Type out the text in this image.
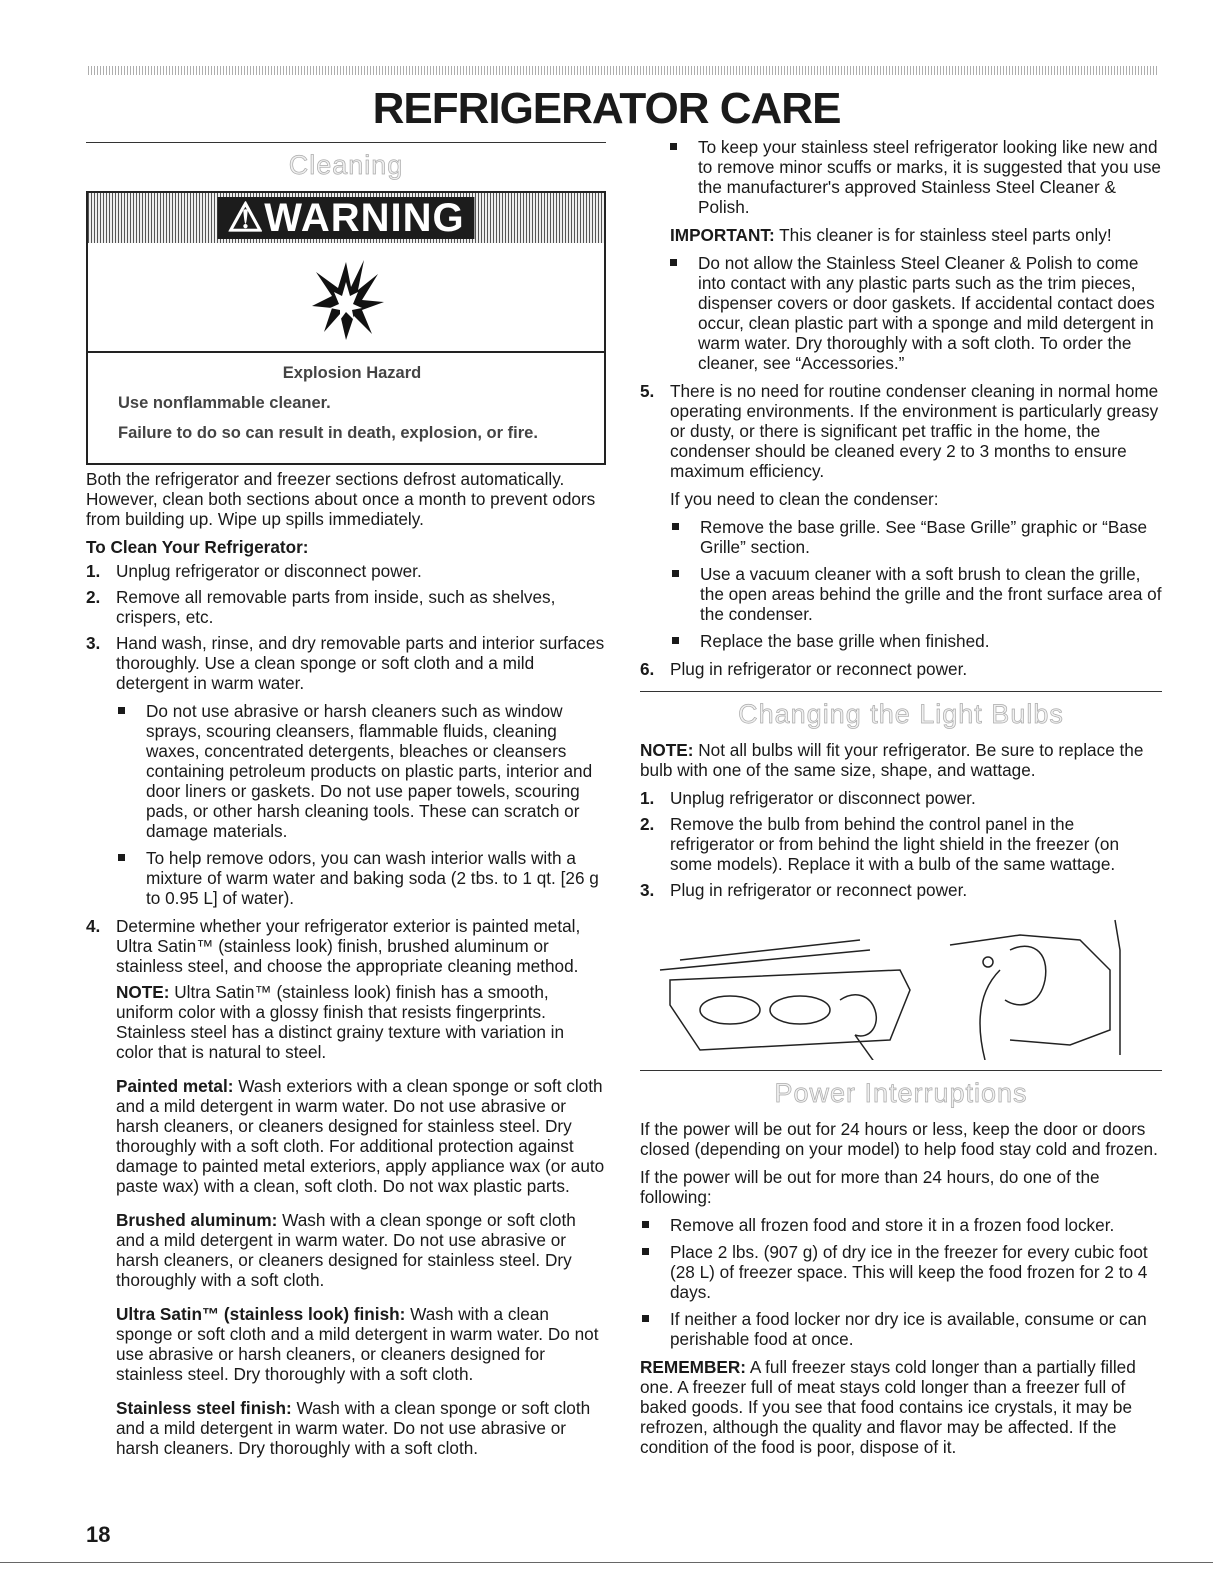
REFRIGERATOR CARE
Cleaning
⚠WARNING

Explosion Hazard

Use nonflammable cleaner.

Failure to do so can result in death, explosion, or fire.

Both the refrigerator and freezer sections defrost automatically. However, clean both sections about once a month to prevent odors from building up. Wipe up spills immediately.

To Clean Your Refrigerator:

1. Unplug refrigerator or disconnect power.
2. Remove all removable parts from inside, such as shelves, crispers, etc.
3. Hand wash, rinse, and dry removable parts and interior surfaces thoroughly. Use a clean sponge or soft cloth and a mild detergent in warm water.
Do not use abrasive or harsh cleaners such as window sprays, scouring cleansers, flammable fluids, cleaning waxes, concentrated detergents, bleaches or cleansers containing petroleum products on plastic parts, interior and door liners or gaskets. Do not use paper towels, scouring pads, or other harsh cleaning tools. These can scratch or damage materials.
To help remove odors, you can wash interior walls with a mixture of warm water and baking soda (2 tbs. to 1 qt. [26 g to 0.95 L] of water).
4. Determine whether your refrigerator exterior is painted metal, Ultra Satin™ (stainless look) finish, brushed aluminum or stainless steel, and choose the appropriate cleaning method.

NOTE: Ultra Satin™ (stainless look) finish has a smooth, uniform color with a glossy finish that resists fingerprints. Stainless steel has a distinct grainy texture with variation in color that is natural to steel.

Painted metal: Wash exteriors with a clean sponge or soft cloth and a mild detergent in warm water. Do not use abrasive or harsh cleaners, or cleaners designed for stainless steel. Dry thoroughly with a soft cloth. For additional protection against damage to painted metal exteriors, apply appliance wax (or auto paste wax) with a clean, soft cloth. Do not wax plastic parts.

Brushed aluminum: Wash with a clean sponge or soft cloth and a mild detergent in warm water. Do not use abrasive or harsh cleaners, or cleaners designed for stainless steel. Dry thoroughly with a soft cloth.

Ultra Satin™ (stainless look) finish: Wash with a clean sponge or soft cloth and a mild detergent in warm water. Do not use abrasive or harsh cleaners, or cleaners designed for stainless steel. Dry thoroughly with a soft cloth.

Stainless steel finish: Wash with a clean sponge or soft cloth and a mild detergent in warm water. Do not use abrasive or harsh cleaners. Dry thoroughly with a soft cloth.

To keep your stainless steel refrigerator looking like new and to remove minor scuffs or marks, it is suggested that you use the manufacturer's approved Stainless Steel Cleaner & Polish.

IMPORTANT: This cleaner is for stainless steel parts only!

Do not allow the Stainless Steel Cleaner & Polish to come into contact with any plastic parts such as the trim pieces, dispenser covers or door gaskets. If accidental contact does occur, clean plastic part with a sponge and mild detergent in warm water. Dry thoroughly with a soft cloth. To order the cleaner, see “Accessories.”
5. There is no need for routine condenser cleaning in normal home operating environments. If the environment is particularly greasy or dusty, or there is significant pet traffic in the home, the condenser should be cleaned every 2 to 3 months to ensure maximum efficiency.

If you need to clean the condenser:

Remove the base grille. See “Base Grille” graphic or “Base Grille” section.
Use a vacuum cleaner with a soft brush to clean the grille, the open areas behind the grille and the front surface area of the condenser.
Replace the base grille when finished.
6. Plug in refrigerator or reconnect power.
Changing the Light Bulbs

NOTE: Not all bulbs will fit your refrigerator. Be sure to replace the bulb with one of the same size, shape, and wattage.

1. Unplug refrigerator or disconnect power.
2. Remove the bulb from behind the control panel in the refrigerator or from behind the light shield in the freezer (on some models). Replace it with a bulb of the same wattage.
3. Plug in refrigerator or reconnect power.
Power Interruptions

If the power will be out for 24 hours or less, keep the door or doors closed (depending on your model) to help food stay cold and frozen.

If the power will be out for more than 24 hours, do one of the following:

Remove all frozen food and store it in a frozen food locker.
Place 2 lbs. (907 g) of dry ice in the freezer for every cubic foot (28 L) of freezer space. This will keep the food frozen for 2 to 4 days.
If neither a food locker nor dry ice is available, consume or can perishable food at once.

REMEMBER: A full freezer stays cold longer than a partially filled one. A freezer full of meat stays cold longer than a freezer full of baked goods. If you see that food contains ice crystals, it may be refrozen, although the quality and flavor may be affected. If the condition of the food is poor, dispose of it.

18
